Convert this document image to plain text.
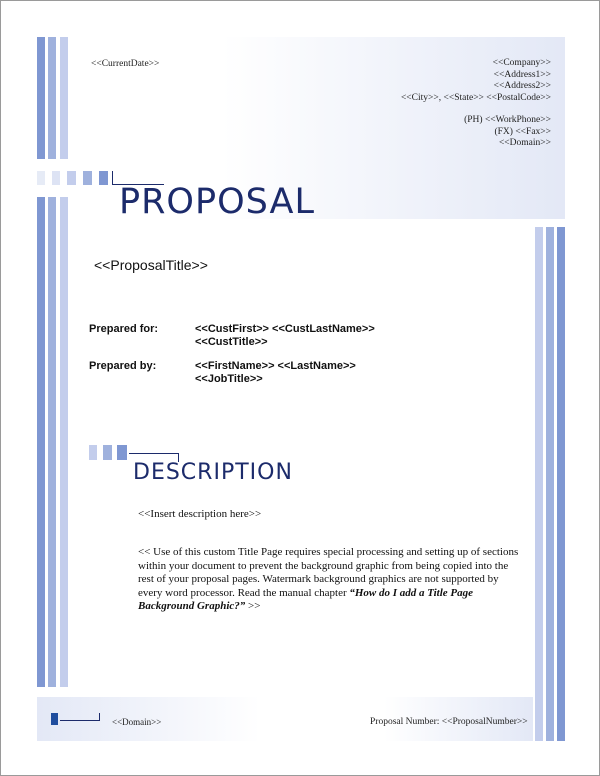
<<CurrentDate>>	<<Company>>
<<Address1>>
<<Address2>>
<<City>>, <<State>> <<PostalCode>>
(PH) <<WorkPhone>>
(FX) <<Fax>>
<<Domain>>
PROPOSAL
<<ProposalTitle>>
Prepared for:	<<CustFirst>> <<CustLastName>>
<<CustTitle>>
Prepared by:	<<FirstName>> <<LastName>>
<<JobTitle>>
DESCRIPTION
<<Insert description here>>
<< Use of this custom Title Page requires special processing and setting up of sections within your document to prevent the background graphic from being copied into the rest of your proposal pages. Watermark background graphics are not supported by every word processor. Read the manual chapter “How do I add a Title Page Background Graphic?” >>
<<Domain>>	Proposal Number: <<ProposalNumber>>
